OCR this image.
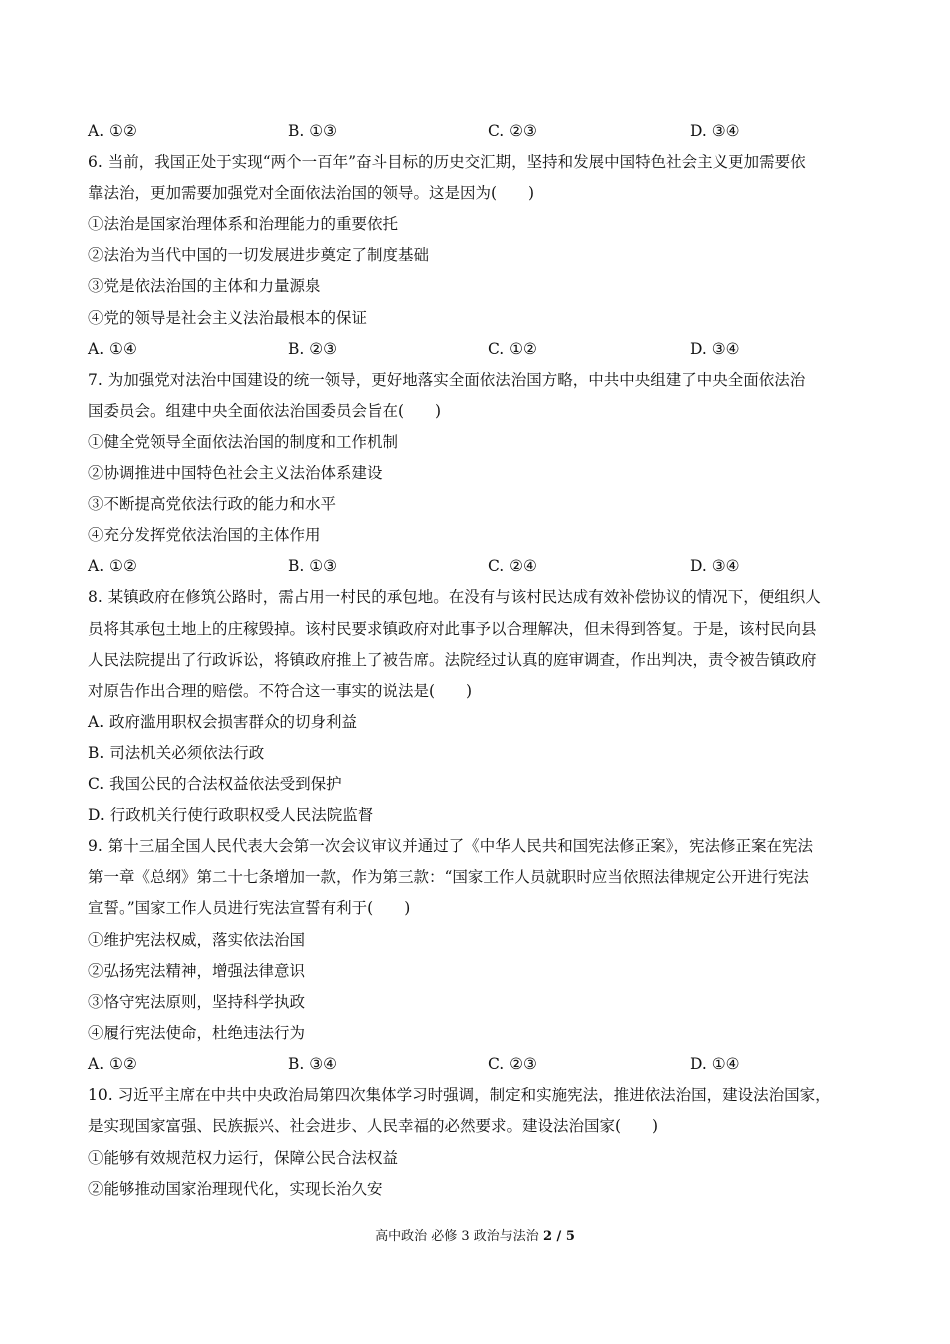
A. ①②	B. ①③	C. ②③	D. ③④
6. 当前，我国正处于实现“两个一百年”奋斗目标的历史交汇期，坚持和发展中国特色社会主义更加需要依
靠法治，更加需要加强党对全面依法治国的领导。这是因为(　　)
①法治是国家治理体系和治理能力的重要依托
②法治为当代中国的一切发展进步奠定了制度基础
③党是依法治国的主体和力量源泉
④党的领导是社会主义法治最根本的保证
A. ①④	B. ②③	C. ①②	D. ③④
7. 为加强党对法治中国建设的统一领导，更好地落实全面依法治国方略，中共中央组建了中央全面依法治
国委员会。组建中央全面依法治国委员会旨在(　　)
①健全党领导全面依法治国的制度和工作机制
②协调推进中国特色社会主义法治体系建设
③不断提高党依法行政的能力和水平
④充分发挥党依法治国的主体作用
A. ①②	B. ①③	C. ②④	D. ③④
8. 某镇政府在修筑公路时，需占用一村民的承包地。在没有与该村民达成有效补偿协议的情况下，便组织人
员将其承包土地上的庄稼毁掉。该村民要求镇政府对此事予以合理解决，但未得到答复。于是，该村民向县
人民法院提出了行政诉讼，将镇政府推上了被告席。法院经过认真的庭审调查，作出判决，责令被告镇政府
对原告作出合理的赔偿。不符合这一事实的说法是(　　)
A. 政府滥用职权会损害群众的切身利益
B. 司法机关必须依法行政
C. 我国公民的合法权益依法受到保护
D. 行政机关行使行政职权受人民法院监督
9. 第十三届全国人民代表大会第一次会议审议并通过了《中华人民共和国宪法修正案》，宪法修正案在宪法
第一章《总纲》第二十七条增加一款，作为第三款：“国家工作人员就职时应当依照法律规定公开进行宪法
宣誓。”国家工作人员进行宪法宣誓有利于(　　)
①维护宪法权威，落实依法治国
②弘扬宪法精神，增强法律意识
③恪守宪法原则，坚持科学执政
④履行宪法使命，杜绝违法行为
A. ①②	B. ③④	C. ②③	D. ①④
10. 习近平主席在中共中央政治局第四次集体学习时强调，制定和实施宪法，推进依法治国，建设法治国家，
是实现国家富强、民族振兴、社会进步、人民幸福的必然要求。建设法治国家(　　)
①能够有效规范权力运行，保障公民合法权益
②能够推动国家治理现代化，实现长治久安
高中政治 必修 3 政治与法治 2 / 5
